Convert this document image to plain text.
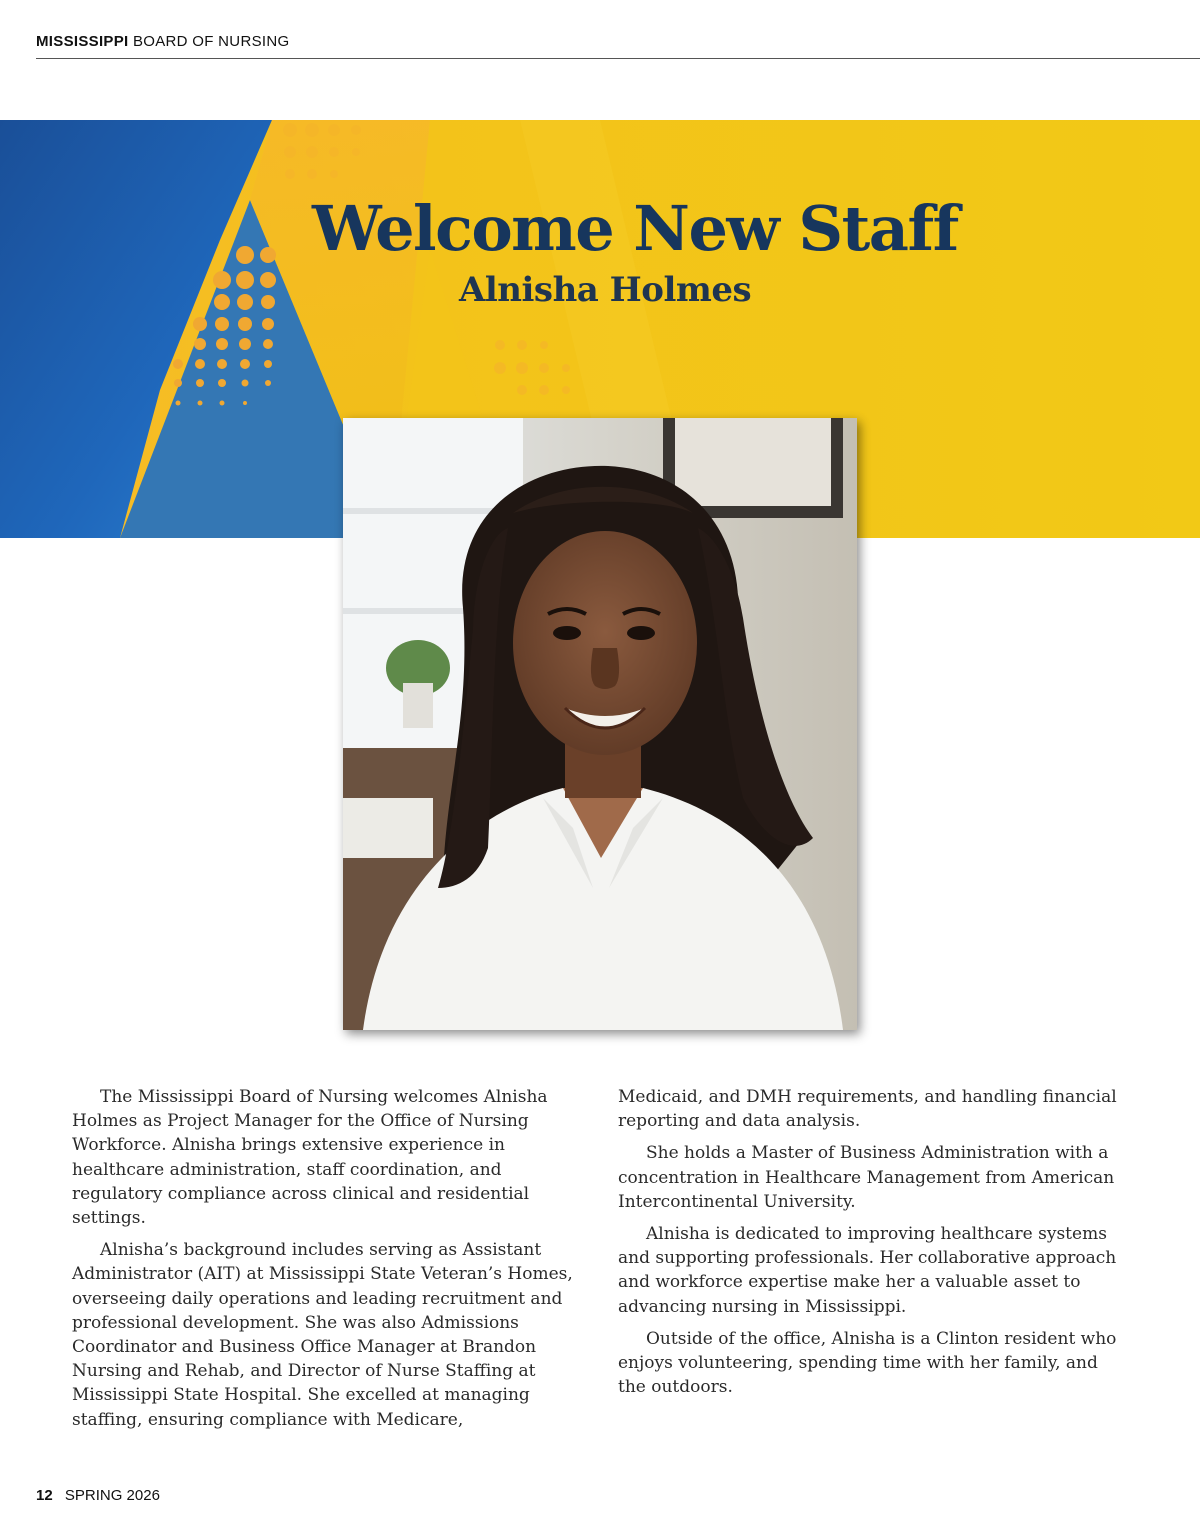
MISSISSIPPI BOARD OF NURSING
Welcome New Staff
Alnisha Holmes

The Mississippi Board of Nursing welcomes Alnisha Holmes as Project Manager for the Office of Nursing Workforce. Alnisha brings extensive experience in healthcare administration, staff coordination, and regulatory compliance across clinical and residential settings.

Alnisha’s background includes serving as Assistant Administrator (AIT) at Mississippi State Veteran’s Homes, overseeing daily operations and leading recruitment and professional development. She was also Admissions Coordinator and Business Office Manager at Brandon Nursing and Rehab, and Director of Nurse Staffing at Mississippi State Hospital. She excelled at managing staffing, ensuring compliance with Medicare,

Medicaid, and DMH requirements, and handling financial reporting and data analysis.

She holds a Master of Business Administration with a concentration in Healthcare Management from American Intercontinental University.

Alnisha is dedicated to improving healthcare systems and supporting professionals. Her collaborative approach and workforce expertise make her a valuable asset to advancing nursing in Mississippi.

Outside of the office, Alnisha is a Clinton resident who enjoys volunteering, spending time with her family, and the outdoors.

12 SPRING 2026
